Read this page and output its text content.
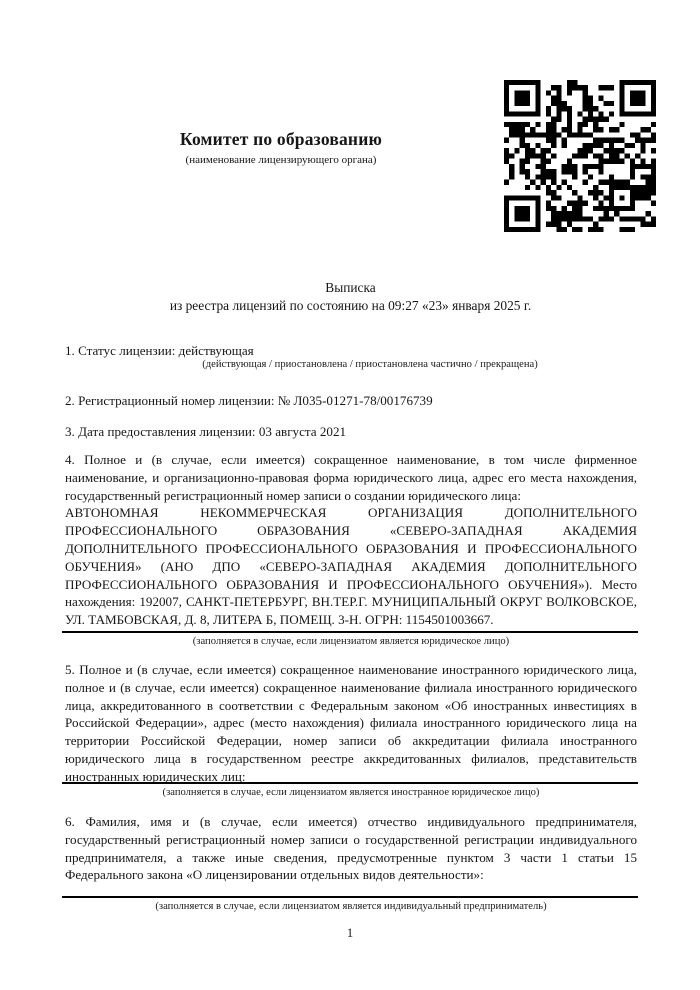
Комитет по образованию
(наименование лицензирующего органа)
Выписка
из реестра лицензий по состоянию на 09:27 «23» января 2025 г.
1. Статус лицензии: действующая
(действующая / приостановлена / приостановлена частично / прекращена)
2. Регистрационный номер лицензии: № Л035-01271-78/00176739
3. Дата предоставления лицензии: 03 августа 2021

4. Полное и (в случае, если имеется) сокращенное наименование, в том числе фирменное наименование, и организационно-правовая форма юридического лица, адрес его места нахождения, государственный регистрационный номер записи о создании юридического лица:

АВТОНОМНАЯ НЕКОММЕРЧЕСКАЯ ОРГАНИЗАЦИЯ ДОПОЛНИТЕЛЬНОГО ПРОФЕССИОНАЛЬНОГО ОБРАЗОВАНИЯ «СЕВЕРО-ЗАПАДНАЯ АКАДЕМИЯ ДОПОЛНИТЕЛЬНОГО ПРОФЕССИОНАЛЬНОГО ОБРАЗОВАНИЯ И ПРОФЕССИОНАЛЬНОГО ОБУЧЕНИЯ» (АНО ДПО «СЕВЕРО-ЗАПАДНАЯ АКАДЕМИЯ ДОПОЛНИТЕЛЬНОГО ПРОФЕССИОНАЛЬНОГО ОБРАЗОВАНИЯ И ПРОФЕССИОНАЛЬНОГО ОБУЧЕНИЯ»). Место нахождения: 192007, САНКТ-ПЕТЕРБУРГ, ВН.ТЕР.Г. МУНИЦИПАЛЬНЫЙ ОКРУГ ВОЛКОВСКОЕ, УЛ. ТАМБОВСКАЯ, Д. 8, ЛИТЕРА Б, ПОМЕЩ. 3-Н. ОГРН: 1154501003667.

(заполняется в случае, если лицензиатом является юридическое лицо)

5. Полное и (в случае, если имеется) сокращенное наименование иностранного юридического лица, полное и (в случае, если имеется) сокращенное наименование филиала иностранного юридического лица, аккредитованного в соответствии с Федеральным законом «Об иностранных инвестициях в Российской Федерации», адрес (место нахождения) филиала иностранного юридического лица на территории Российской Федерации, номер записи об аккредитации филиала иностранного юридического лица в государственном реестре аккредитованных филиалов, представительств иностранных юридических лиц:

(заполняется в случае, если лицензиатом является иностранное юридическое лицо)

6. Фамилия, имя и (в случае, если имеется) отчество индивидуального предпринимателя, государственный регистрационный номер записи о государственной регистрации индивидуального предпринимателя, а также иные сведения, предусмотренные пунктом 3 части 1 статьи 15 Федерального закона «О лицензировании отдельных видов деятельности»:

(заполняется в случае, если лицензиатом является индивидуальный предприниматель)
1
